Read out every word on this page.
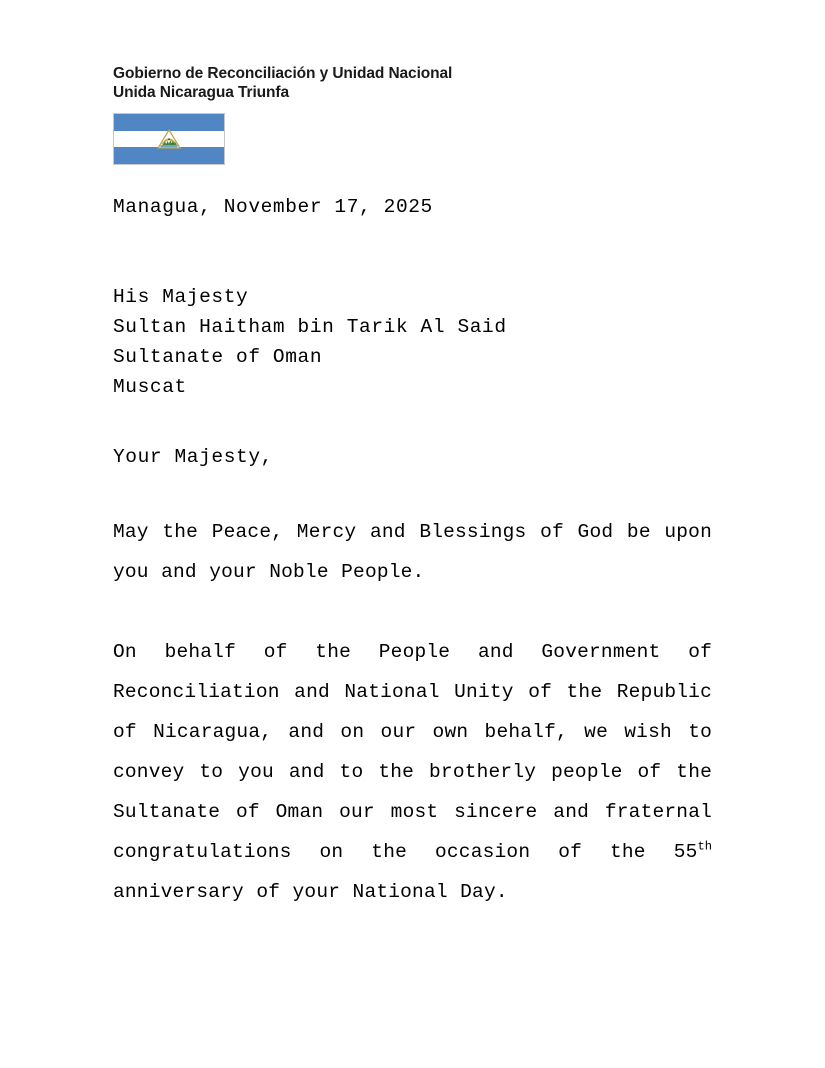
Gobierno de Reconciliación y Unidad Nacional
Unida Nicaragua Triunfa
Managua, November 17, 2025
His Majesty
Sultan Haitham bin Tarik Al Said
Sultanate of Oman
Muscat
Your Majesty,

May the Peace, Mercy and Blessings of God be upon you and your Noble People.

On behalf of the People and Government of Reconciliation and National Unity of the Republic of Nicaragua, and on our own behalf, we wish to convey to you and to the brotherly people of the Sultanate of Oman our most sincere and fraternal congratulations on the occasion of the 55th anniversary of your National Day.
